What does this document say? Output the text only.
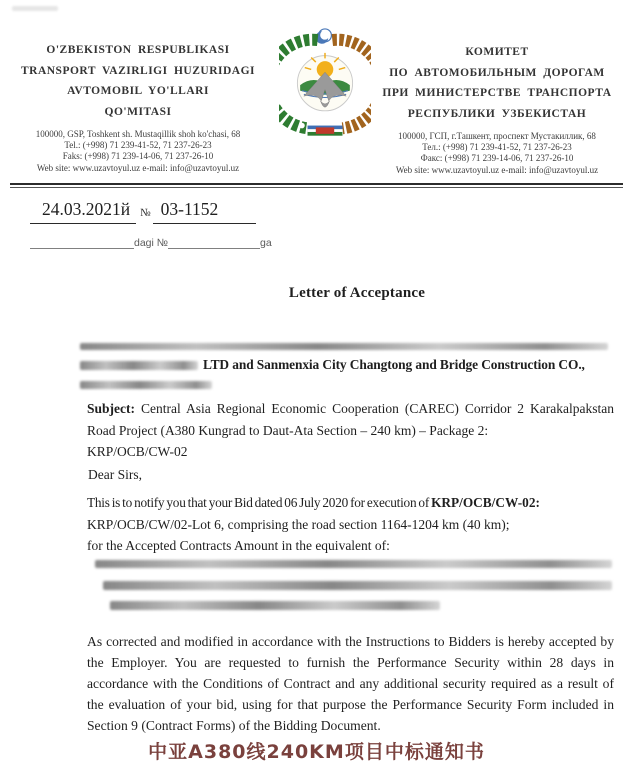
O'ZBEKISTON RESPUBLIKASI
TRANSPORT VAZIRLIGI HUZURIDAGI
AVTOMOBIL YO'LLARI
QO'MITASI
100000, GSP, Toshkent sh. Mustaqillik shoh ko'chasi, 68
Tel.: (+998) 71 239-41-52, 71 237-26-23
Faks: (+998) 71 239-14-06, 71 237-26-10
Web site: www.uzavtoyul.uz e-mail: info@uzavtoyul.uz
КОМИТЕТ
ПО АВТОМОБИЛЬНЫМ ДОРОГАМ
ПРИ МИНИСТЕРСТВЕ ТРАНСПОРТА
РЕСПУБЛИКИ УЗБЕКИСТАН
100000, ГСП, г.Ташкент, проспект Мустакиллик, 68
Тел.: (+998) 71 239-41-52, 71 237-26-23
Факс: (+998) 71 239-14-06, 71 237-26-10
Web site: www.uzavtoyul.uz e-mail: info@uzavtoyul.uz
24.03.2021й № 03-1152
dagi №	ga
Letter of Acceptance
LTD and Sanmenxia City Changtong and Bridge Construction CO.,
Subject: Central Asia Regional Economic Cooperation (CAREC) Corridor 2 Karakalpakstan Road Project (A380 Kungrad to Daut-Ata Section – 240 km) – Package 2:
KRP/OCB/CW-02
Dear Sirs,
This is to notify you that your Bid dated 06 July 2020 for execution of KRP/OCB/CW-02:
KRP/OCB/CW/02-Lot 6, comprising the road section 1164-1204 km (40 km);
for the Accepted Contracts Amount in the equivalent of:
As corrected and modified in accordance with the Instructions to Bidders is hereby accepted by the Employer. You are requested to furnish the Performance Security within 28 days in accordance with the Conditions of Contract and any additional security required as a result of the evaluation of your bid, using for that purpose the Performance Security Form included in Section 9 (Contract Forms) of the Bidding Document.
中亚A380线240KM项目中标通知书
